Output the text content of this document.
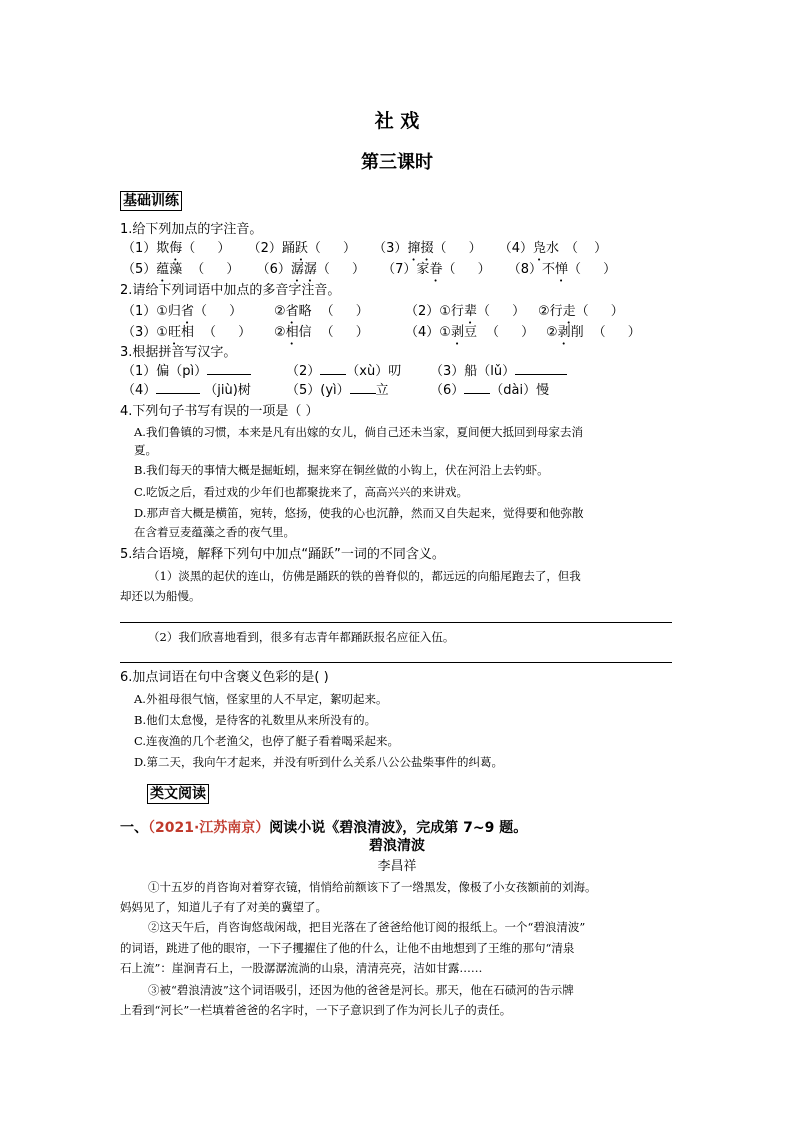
社 戏
第三课时
基础训练
1.给下列加点的字注音。
（1）欺侮（ ） （2）踊跃（ ） （3）撺掇（ ） （4）凫水（ ）
（5）蕴藻（ ） （6）潺潺（ ） （7）家眷（ ） （8）不惮（ ）
2.请给下列词语中加点的多音字注音。
（1）①归省（ ） ②省略（ ） （2）①行辈（ ） ②行走（ ）
（3）①旺相（ ） ②相信（ ） （4）①剥豆（ ） ②剥削（ ）
3.根据拼音写汉字。
（1）偏（pì）	（2） （xù）叨 （3）船（lǔ）
（4）	（jiù)树	（5）(yì） 立	（6） （dài）慢
4.下列句子书写有误的一项是（ ）
A.我们鲁镇的习惯，本来是凡有出嫁的女儿，倘自己还未当家，夏间便大抵回到母家去消
夏。
B.我们每天的事情大概是掘蚯蚓，掘来穿在铜丝做的小钩上，伏在河沿上去钓虾。
C.吃饭之后，看过戏的少年们也都聚拢来了，高高兴兴的来讲戏。
D.那声音大概是横笛，宛转，悠扬，使我的心也沉静，然而又自失起来，觉得要和他弥散
在含着豆麦蕴藻之香的夜气里。
5.结合语境，解释下列句中加点“踊跃”一词的不同含义。
（1）淡黑的起伏的连山，仿佛是踊跃的铁的兽脊似的，都远远的向船尾跑去了，但我
却还以为船慢。
（2）我们欣喜地看到，很多有志青年都踊跃报名应征入伍。
6.加点词语在句中含褒义色彩的是( )
A.外祖母很气恼，怪家里的人不早定，絮叨起来。
B.他们太怠慢，是待客的礼数里从来所没有的。
C.连夜渔的几个老渔父，也停了艇子看着喝采起来。
D.第二天，我向午才起来，并没有听到什么关系八公公盐柴事件的纠葛。
类文阅读
一、（2021·江苏南京）阅读小说《碧浪清波》，完成第 7~9 题。
碧浪清波
李昌祥
①十五岁的肖咨询对着穿衣镜，悄悄给前额该下了一绺黑发，像极了小女孩额前的刘海。
妈妈见了，知道儿子有了对美的冀望了。
②这天午后，肖咨询悠哉闲哉，把目光落在了爸爸给他订阅的报纸上。一个“碧浪清波”
的词语，跳进了他的眼帘，一下子攫擢住了他的什么，让他不由地想到了王维的那句“清泉
石上流”：崖涧青石上，一股潺潺流淌的山泉，清清亮亮，洁如甘露……
③被“碧浪清波”这个词语吸引，还因为他的爸爸是河长。那天，他在石碛河的告示牌
上看到“河长”一栏填着爸爸的名字时，一下子意识到了作为河长儿子的责任。
